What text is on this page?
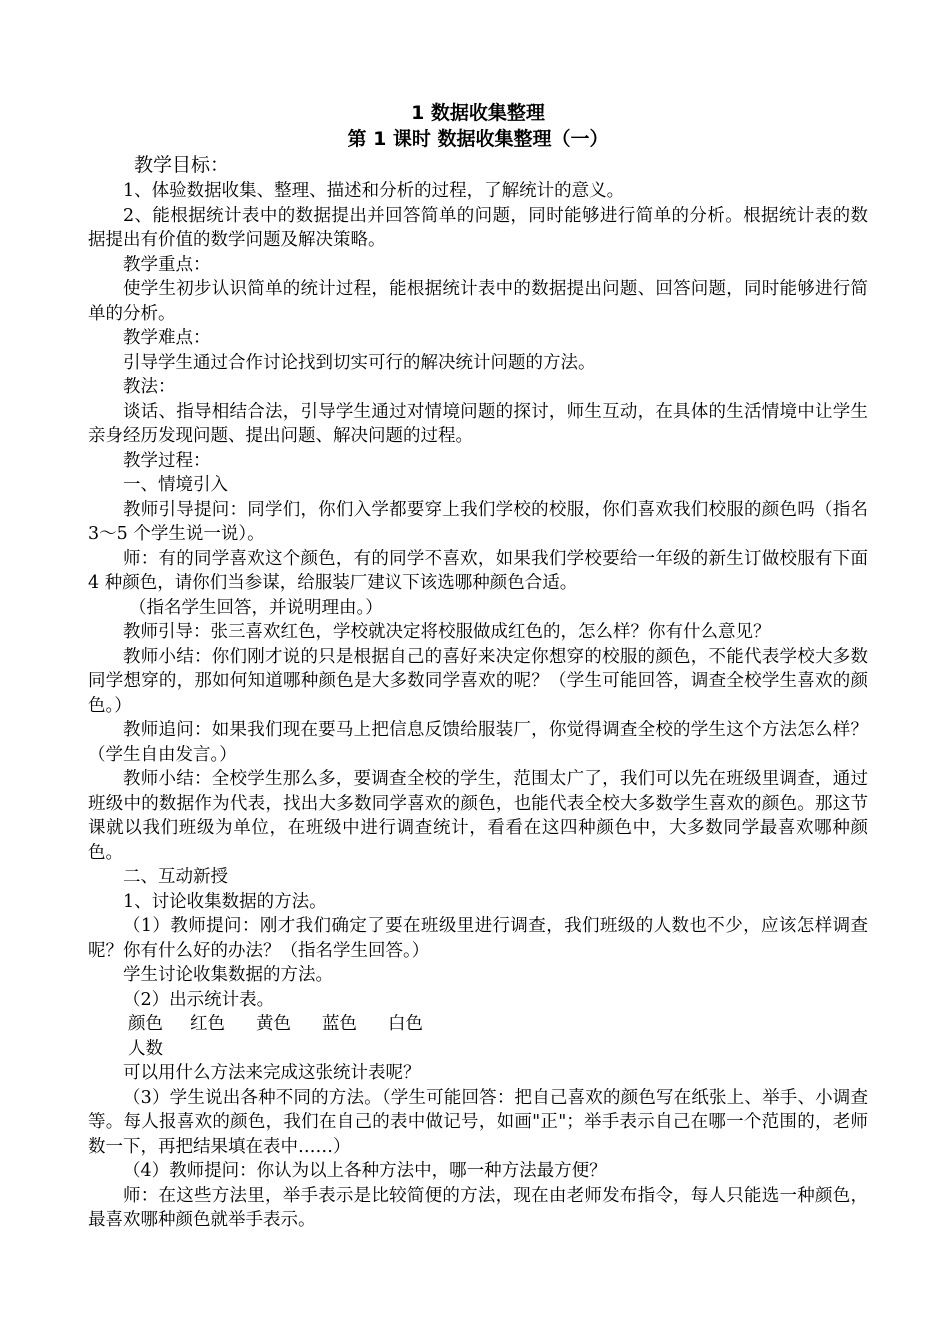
1 数据收集整理
第 1 课时 数据收集整理（一）
教学目标：

1、体验数据收集、整理、描述和分析的过程，了解统计的意义。

2、能根据统计表中的数据提出并回答简单的问题，同时能够进行简单的分析。根据统计表的数据提出有价值的数学问题及解决策略。

教学重点：

使学生初步认识简单的统计过程，能根据统计表中的数据提出问题、回答问题，同时能够进行简单的分析。

教学难点：

引导学生通过合作讨论找到切实可行的解决统计问题的方法。

教法：

谈话、指导相结合法，引导学生通过对情境问题的探讨，师生互动，在具体的生活情境中让学生亲身经历发现问题、提出问题、解决问题的过程。

教学过程：

一、情境引入

教师引导提问：同学们，你们入学都要穿上我们学校的校服，你们喜欢我们校服的颜色吗（指名 3～5 个学生说一说）。

师：有的同学喜欢这个颜色，有的同学不喜欢，如果我们学校要给一年级的新生订做校服有下面 4 种颜色，请你们当参谋，给服装厂建议下该选哪种颜色合适。

（指名学生回答，并说明理由。）

教师引导：张三喜欢红色，学校就决定将校服做成红色的，怎么样？你有什么意见？

教师小结：你们刚才说的只是根据自己的喜好来决定你想穿的校服的颜色，不能代表学校大多数同学想穿的，那如何知道哪种颜色是大多数同学喜欢的呢？（学生可能回答，调查全校学生喜欢的颜色。）

教师追问：如果我们现在要马上把信息反馈给服装厂，你觉得调查全校的学生这个方法怎么样？（学生自由发言。）

教师小结：全校学生那么多，要调查全校的学生，范围太广了，我们可以先在班级里调查，通过班级中的数据作为代表，找出大多数同学喜欢的颜色，也能代表全校大多数学生喜欢的颜色。那这节课就以我们班级为单位，在班级中进行调查统计，看看在这四种颜色中，大多数同学最喜欢哪种颜色。

二、互动新授

1、讨论收集数据的方法。

（1）教师提问：刚才我们确定了要在班级里进行调查，我们班级的人数也不少，应该怎样调查呢？你有什么好的办法？（指名学生回答。）

学生讨论收集数据的方法。

（2）出示统计表。

颜色	红色	黄色	蓝色	白色
人数

可以用什么方法来完成这张统计表呢？

（3）学生说出各种不同的方法。（学生可能回答：把自己喜欢的颜色写在纸张上、举手、小调查等。每人报喜欢的颜色，我们在自己的表中做记号，如画"正"；举手表示自己在哪一个范围的，老师数一下，再把结果填在表中……）

（4）教师提问：你认为以上各种方法中，哪一种方法最方便？

师：在这些方法里，举手表示是比较简便的方法，现在由老师发布指令，每人只能选一种颜色，最喜欢哪种颜色就举手表示。
